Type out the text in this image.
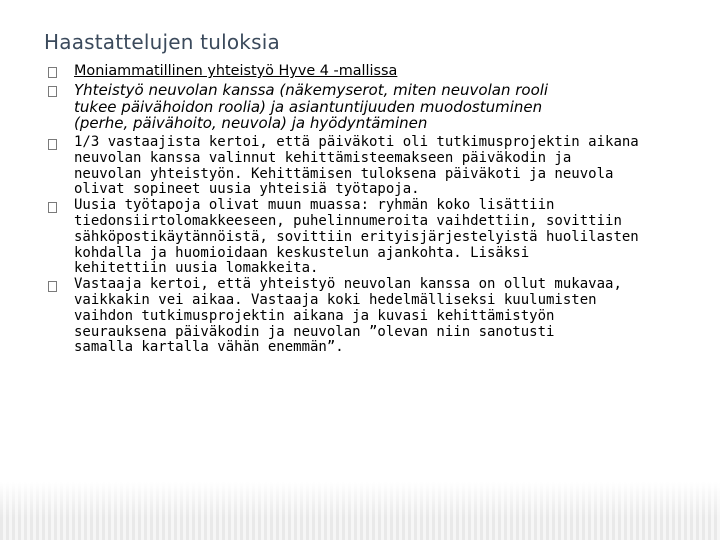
Haastattelujen tuloksia
Moniammatillinen yhteistyö Hyve 4 -mallissa
Yhteistyö neuvolan kanssa (näkemyserot, miten neuvolan rooli
tukee päivähoidon roolia) ja asiantuntijuuden muodostuminen
(perhe, päivähoito, neuvola) ja hyödyntäminen
1/3 vastaajista kertoi, että päiväkoti oli tutkimusprojektin aikana
neuvolan kanssa valinnut kehittämisteemakseen päiväkodin ja
neuvolan yhteistyön. Kehittämisen tuloksena päiväkoti ja neuvola
olivat sopineet uusia yhteisiä työtapoja.
Uusia työtapoja olivat muun muassa: ryhmän koko lisättiin
tiedonsiirtolomakkeeseen, puhelinnumeroita vaihdettiin, sovittiin
sähköpostikäytännöistä, sovittiin erityisjärjestelyistä huolilasten
kohdalla ja huomioidaan keskustelun ajankohta. Lisäksi
kehitettiin uusia lomakkeita.
Vastaaja kertoi, että yhteistyö neuvolan kanssa on ollut mukavaa,
vaikkakin vei aikaa. Vastaaja koki hedelmälliseksi kuulumisten
vaihdon tutkimusprojektin aikana ja kuvasi kehittämistyön
seurauksena päiväkodin ja neuvolan ”olevan niin sanotusti
samalla kartalla vähän enemmän”.
